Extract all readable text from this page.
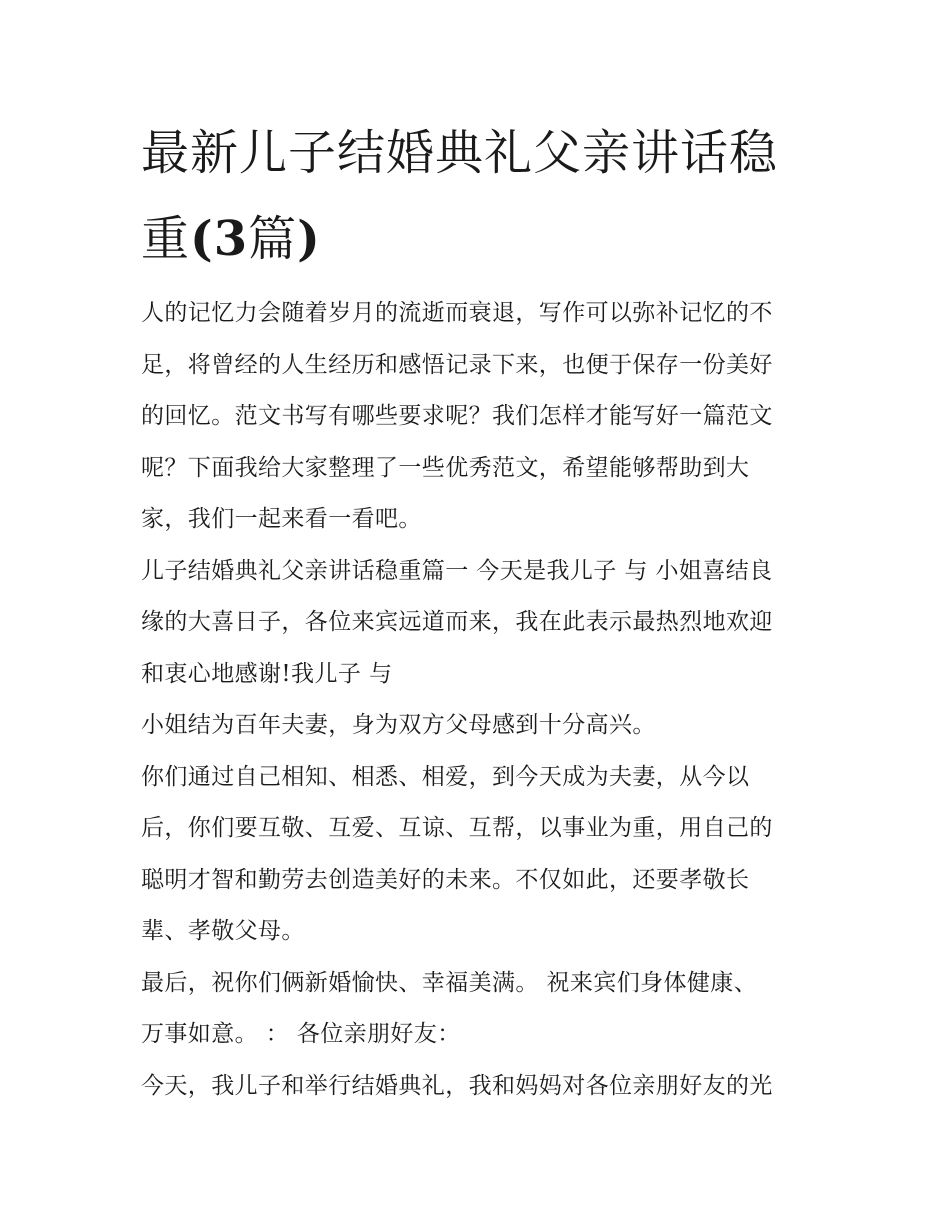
最新儿子结婚典礼父亲讲话稳
重(3篇)

人的记忆力会随着岁月的流逝而衰退，写作可以弥补记忆的不
足，将曾经的人生经历和感悟记录下来，也便于保存一份美好
的回忆。范文书写有哪些要求呢？我们怎样才能写好一篇范文
呢？下面我给大家整理了一些优秀范文，希望能够帮助到大
家，我们一起来看一看吧。

儿子结婚典礼父亲讲话稳重篇一 今天是我儿子 与 小姐喜结良
缘的大喜日子，各位来宾远道而来，我在此表示最热烈地欢迎
和衷心地感谢!我儿子 与

小姐结为百年夫妻，身为双方父母感到十分高兴。

你们通过自己相知、相悉、相爱，到今天成为夫妻，从今以
后，你们要互敬、互爱、互谅、互帮，以事业为重，用自己的
聪明才智和勤劳去创造美好的未来。不仅如此，还要孝敬长
辈、孝敬父母。

最后，祝你们俩新婚愉快、幸福美满。 祝来宾们身体健康、
万事如意。 ： 各位亲朋好友：

今天，我儿子和举行结婚典礼，我和妈妈对各位亲朋好友的光
